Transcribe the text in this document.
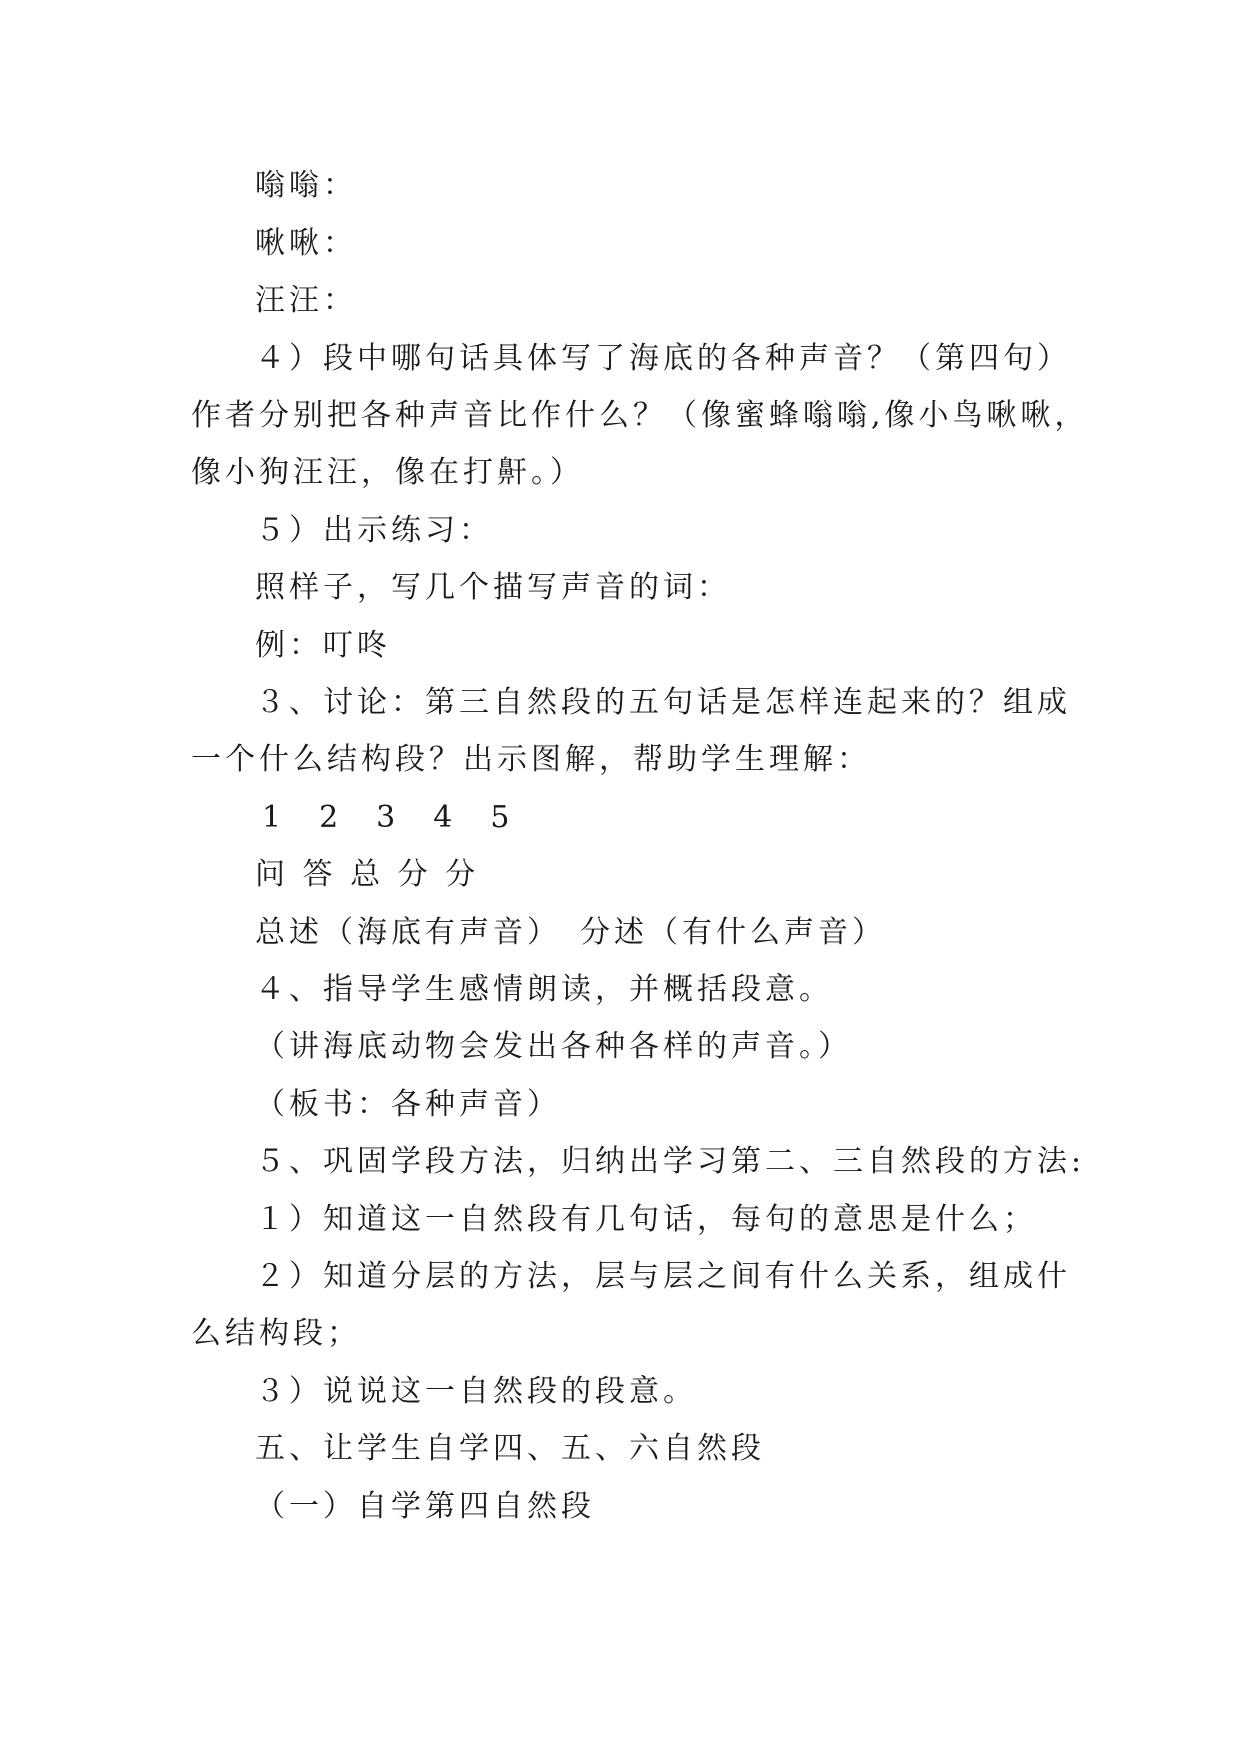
嗡嗡：
啾啾：
汪汪：
４）段中哪句话具体写了海底的各种声音？（第四句）
作者分别把各种声音比作什么？（像蜜蜂嗡嗡,像小鸟啾啾，
像小狗汪汪，像在打鼾。）
５）出示练习：
照样子，写几个描写声音的词：
例：叮咚
３、讨论：第三自然段的五句话是怎样连起来的？组成
一个什么结构段？出示图解，帮助学生理解：
1　2　3　4　5
问 答 总 分 分
总述（海底有声音）　分述（有什么声音）
４、指导学生感情朗读，并概括段意。
（讲海底动物会发出各种各样的声音。）
（板书：各种声音）
５、巩固学段方法，归纳出学习第二、三自然段的方法:
１）知道这一自然段有几句话，每句的意思是什么；
２）知道分层的方法，层与层之间有什么关系，组成什
么结构段；
３）说说这一自然段的段意。
五、让学生自学四、五、六自然段
（一）自学第四自然段
